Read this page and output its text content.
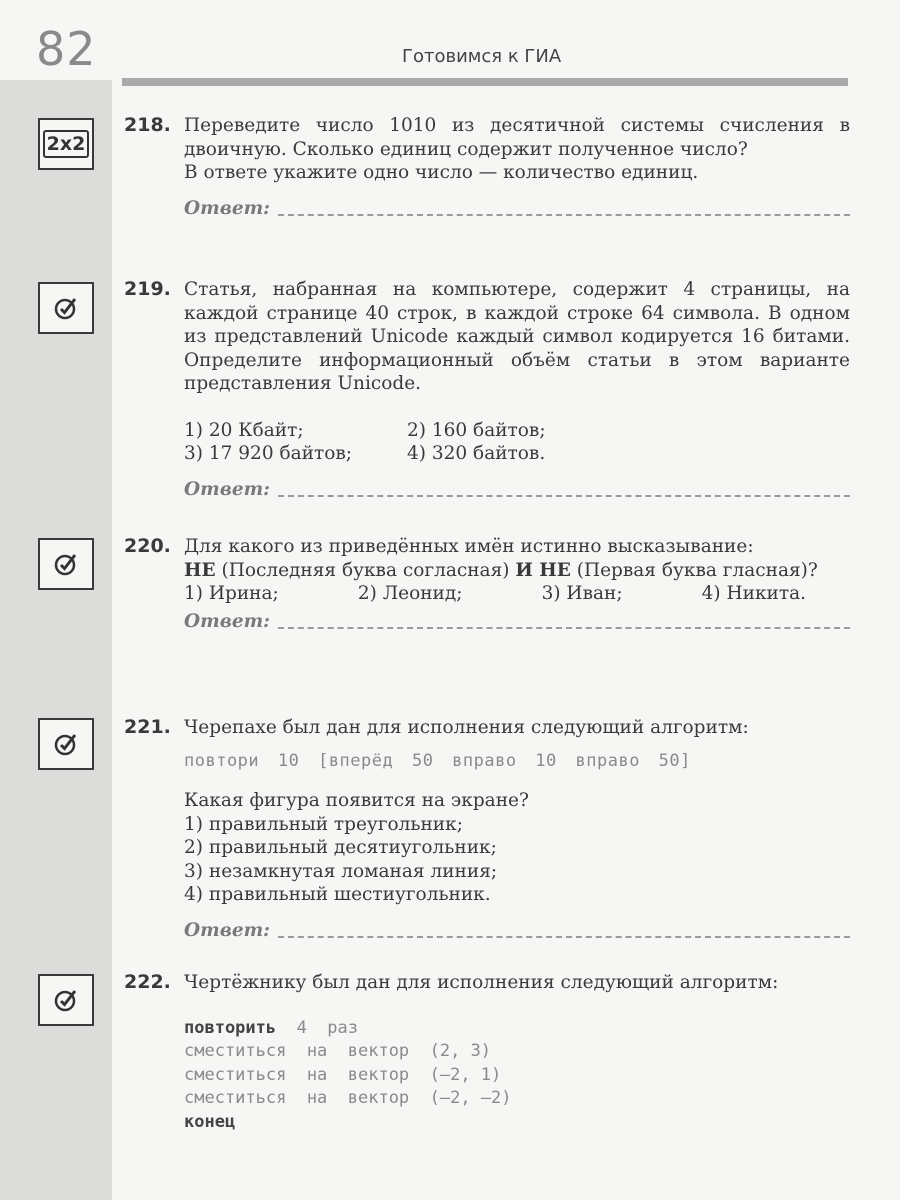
82	Готовимся к ГИА
2x2
218. Переведите число 1010 из десятичной системы счисления в двоичную. Сколько единиц содержит полученное число?
В ответе укажите одно число — количество единиц.
Ответ:
219. Статья, набранная на компьютере, содержит 4 страницы, на каждой странице 40 строк, в каждой строке 64 символа. В одном из представлений Unicode каждый символ кодируется 16 битами. Определите информационный объём статьи в этом варианте представления Unicode.
1) 20 Кбайт;	2) 160 байтов;
3) 17 920 байтов;	4) 320 байтов.
Ответ:
220. Для какого из приведённых имён истинно высказывание:
НЕ (Последняя буква согласная) И НЕ (Первая буква гласная)?
1) Ирина;	2) Леонид;	3) Иван;	4) Никита.
Ответ:
221. Черепахе был дан для исполнения следующий алгоритм:
повтори 10 [вперёд 50 вправо 10 вправо 50]
Какая фигура появится на экране?
1) правильный треугольник;
2) правильный десятиугольник;
3) незамкнутая ломаная линия;
4) правильный шестиугольник.
Ответ:
222. Чертёжнику был дан для исполнения следующий алгоритм:
повторить  4  раз
сместиться  на  вектор  (2, 3)
сместиться  на  вектор  (–2, 1)
сместиться  на  вектор  (–2, –2)
конец
